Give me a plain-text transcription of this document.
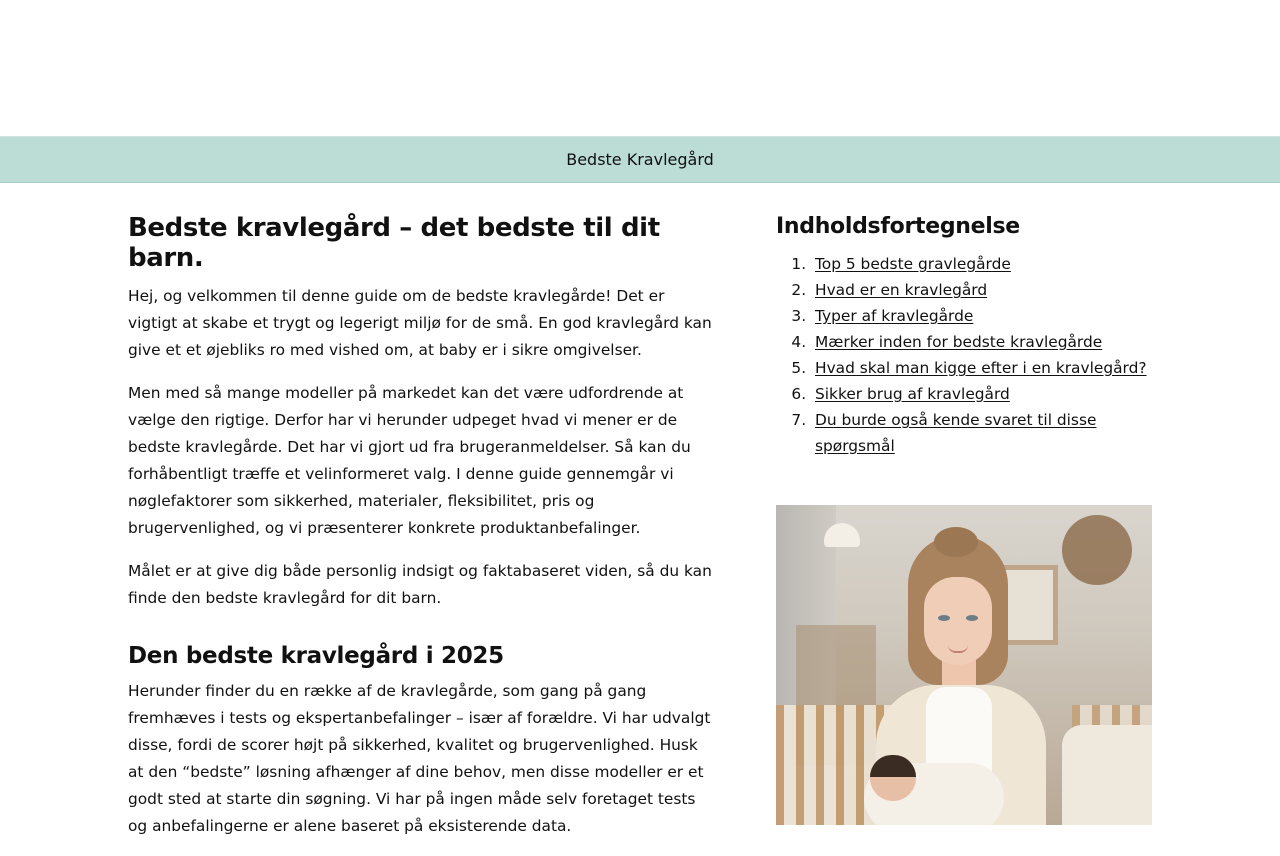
Bedste Kravlegård
Bedste kravlegård – det bedste til dit barn.

Hej, og velkommen til denne guide om de bedste kravlegårde! Det er vigtigt at skabe et trygt og legerigt miljø for de små. En god kravlegård kan give et et øjebliks ro med vished om, at baby er i sikre omgivelser.

Men med så mange modeller på markedet kan det være udfordrende at vælge den rigtige. Derfor har vi herunder udpeget hvad vi mener er de bedste kravlegårde. Det har vi gjort ud fra brugeranmeldelser. Så kan du forhåbentligt træffe et velinformeret valg. I denne guide gennemgår vi nøglefaktorer som sikkerhed, materialer, fleksibilitet, pris og brugervenlighed, og vi præsenterer konkrete produktanbefalinger.

Målet er at give dig både personlig indsigt og faktabaseret viden, så du kan finde den bedste kravlegård for dit barn.

Den bedste kravlegård i 2025

Herunder finder du en række af de kravlegårde, som gang på gang fremhæves i tests og ekspertanbefalinger – især af forældre. Vi har udvalgt disse, fordi de scorer højt på sikkerhed, kvalitet og brugervenlighed. Husk at den “bedste” løsning afhænger af dine behov, men disse modeller er et godt sted at starte din søgning. Vi har på ingen måde selv foretaget tests og anbefalingerne er alene baseret på eksisterende data.

Indholdsfortegnelse
1. Top 5 bedste gravlegårde
2. Hvad er en kravlegård
3. Typer af kravlegårde
4. Mærker inden for bedste kravlegårde
5. Hvad skal man kigge efter i en kravlegård?
6. Sikker brug af kravlegård
7. Du burde også kende svaret til disse spørgsmål
